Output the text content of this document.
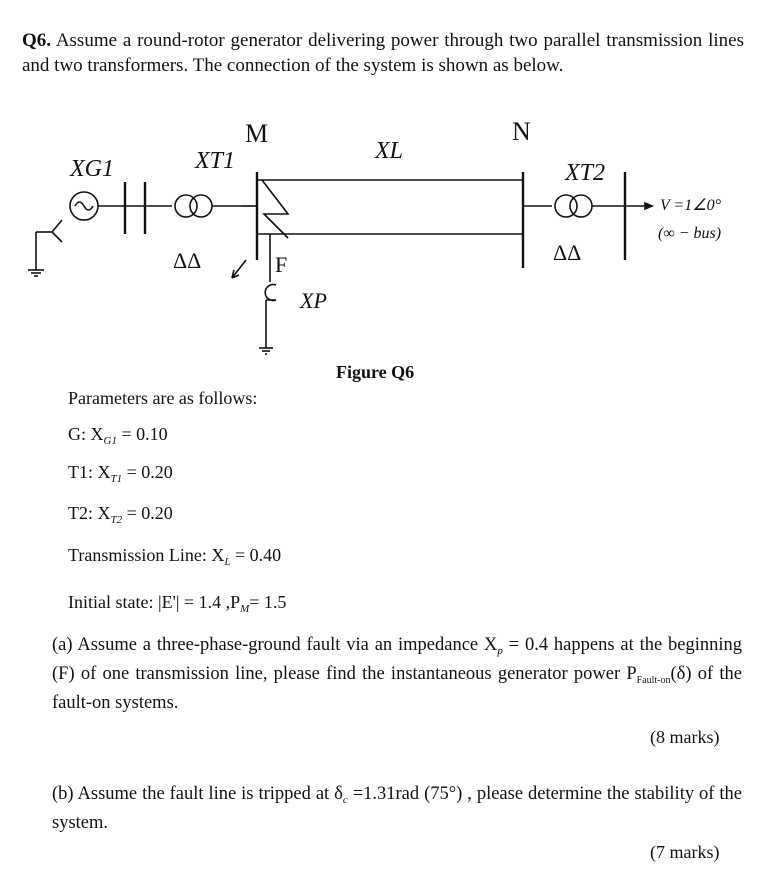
Q6. Assume a round-rotor generator delivering power through two parallel transmission lines and two transformers. The connection of the system is shown as below.
M	N
XL
XG1	XT1	XT2
ΔΔ	ΔΔ
F
XP
V =1∠0°
(∞ − bus)
Figure Q6
Parameters are as follows:
G: $X_{G1} = 0.10$
T1: $X_{T1} = 0.20$
T2: $X_{T2} = 0.20$
Transmission Line: $X_L = 0.40$
Initial state: |E'| = 1.4 $,P_M= 1.5$
(a) Assume a three-phase-ground fault via an impedance $X_p = 0.4$ happens at the beginning (F) of one transmission line, please find the instantaneous generator power $P_{Fault-on}(\delta)$ of the fault-on systems.
(8 marks)
(b) Assume the fault line is tripped at $\delta_c =1.31rad$ (75°) , please determine the stability of the system.
(7 marks)
